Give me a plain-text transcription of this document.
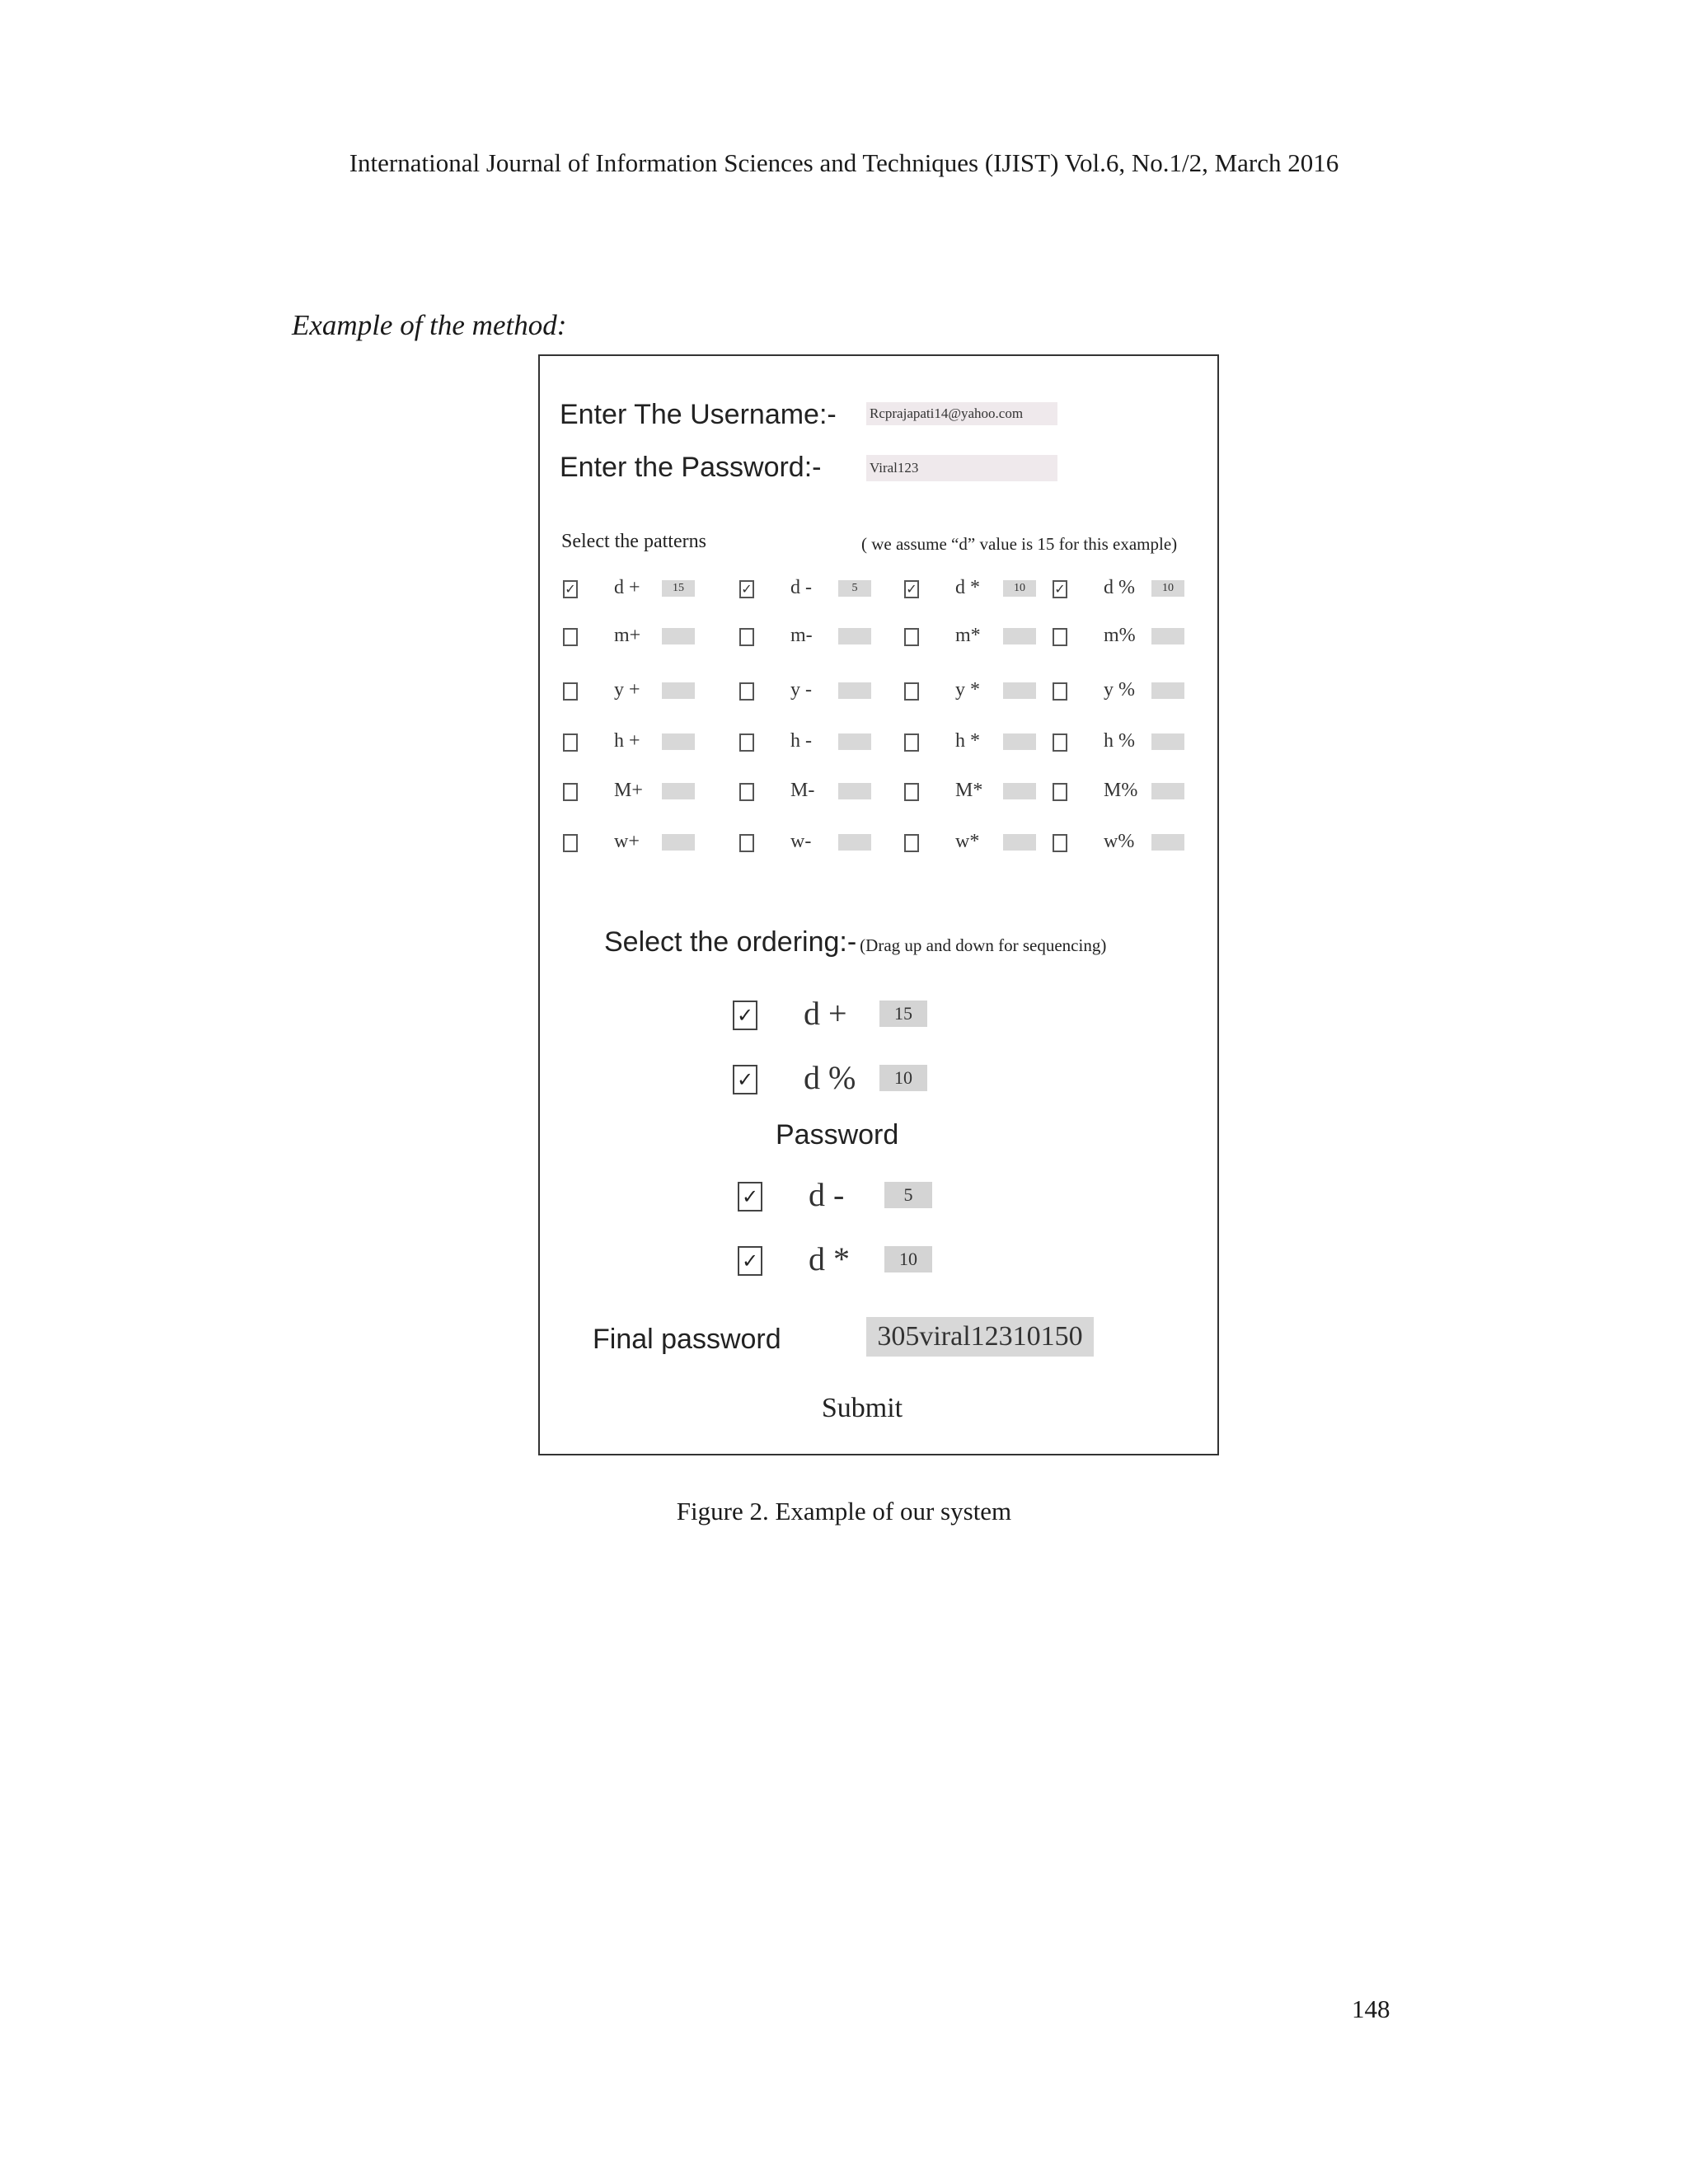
International Journal of Information Sciences and Techniques (IJIST) Vol.6, No.1/2, March 2016
Example of the method:
Enter The Username:- Rcprajapati14@yahoo.com
Enter the Password:-	Viral123
Select the patterns	( we assume “d” value is 15 for this example)
✓ d +	15	✓ d -	5	✓ d *	10	✓ d %	10
m+	m-	m*	m%
y +	y -	y *	y %
h +	h -	h *	h %
M+	M-	M*	M%
w+	w-	w*	w%
Select the ordering:- (Drag up and down for sequencing)
✓ d +	15
✓ d %	10
Password
✓ d -	5
✓ d *	10
Final password	305viral12310150
Submit
Figure 2. Example of our system
148
